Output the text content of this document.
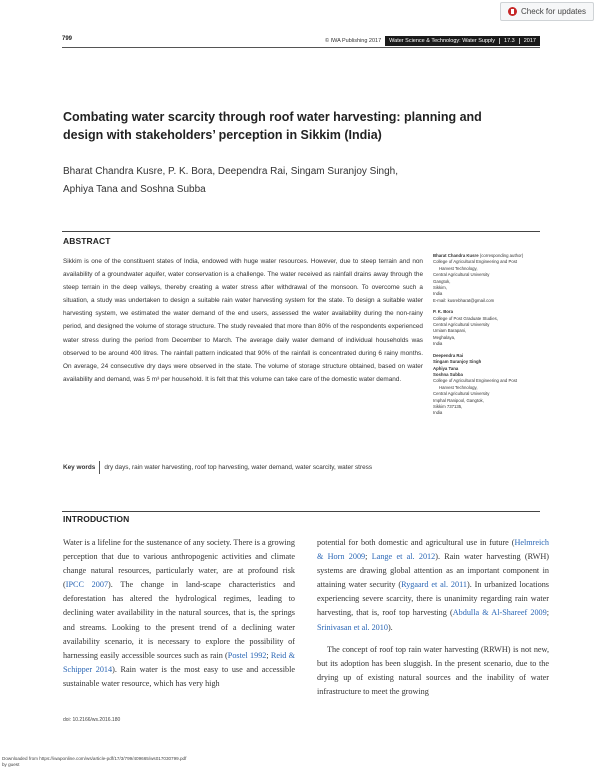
Check for updates
799	© IWA Publishing 2017	Water Science & Technology: Water Supply	17.3	2017
Combating water scarcity through roof water harvesting: planning and design with stakeholders’ perception in Sikkim (India)
Bharat Chandra Kusre, P. K. Bora, Deependra Rai, Singam Suranjoy Singh,
Aphiya Tana and Soshna Subba
ABSTRACT
Sikkim is one of the constituent states of India, endowed with huge water resources. However, due to steep terrain and non availability of a groundwater aquifer, water conservation is a challenge. The water received as rainfall drains away through the steep terrain in the deep valleys, thereby creating a water stress after withdrawal of the monsoon. To overcome such a situation, a study was undertaken to design a suitable rain water harvesting system for the state. To design a suitable water harvesting system, we estimated the water demand of the end users, assessed the water availability during the non-rainy period, and designed the volume of storage structure. The study revealed that more than 80% of the respondents experienced water stress during the period from December to March. The average daily water demand of individual households was observed to be around 400 litres. The rainfall pattern indicated that 90% of the rainfall is concentrated during 6 rainy months. On average, 24 consecutive dry days were observed in the state. The volume of storage structure obtained, based on water availability and demand, was 5 m³ per household. It is felt that this volume can take care of the domestic water demand.
Key words	dry days, rain water harvesting, roof top harvesting, water demand, water scarcity, water stress
Bharat Chandra Kusre (corresponding author)
College of Agricultural Engineering and Post
Harvest Technology,
Central Agricultural University
Gangtok,
Sikkim,
India
E-mail: kusrebharat@gmail.com
P. K. Bora
College of Post Graduate Studies,
Central Agricultural University
Umiam Barapani,
Meghalaya,
India
Deependra Rai
Singam Suranjoy Singh
Aphiya Tana
Soshna Subba
College of Agricultural Engineering and Post
Harvest Technology,
Central Agricultural University
Imphal Ranipool, Gangtok,
Sikkim 737135,
India
INTRODUCTION
Water is a lifeline for the sustenance of any society. There is a growing perception that due to various anthropogenic activities and climate change natural resources, particularly water, are at profound risk (IPCC 2007). The change in land-scape characteristics and deforestation has altered the hydrological regimes, leading to declining water availability in the natural sources, that is, the springs and streams. Looking to the present trend of a declining water availability scenario, it is necessary to explore the possibility of harnessing easily accessible sources such as rain (Postel 1992; Reid & Schipper 2014). Rain water is the most easy to use and accessible sustainable water resource, which has very high
potential for both domestic and agricultural use in future (Helmreich & Horn 2009; Lange et al. 2012). Rain water harvesting (RWH) systems are drawing global attention as an important component in attaining water security (Rygaard et al. 2011). In urbanized locations experiencing severe scarcity, there is unanimity regarding rain water harvesting, that is, roof top harvesting (Abdulla & Al-Shareef 2009; Srinivasan et al. 2010).
The concept of roof top rain water harvesting (RRWH) is not new, but its adoption has been sluggish. In the present scenario, due to the drying up of existing natural sources and the inability of water infrastructure to meet the growing
doi: 10.2166/ws.2016.180
Downloaded from https://iwaponline.com/ws/article-pdf/17/3/799/409665/ws017030799.pdf
by guest
